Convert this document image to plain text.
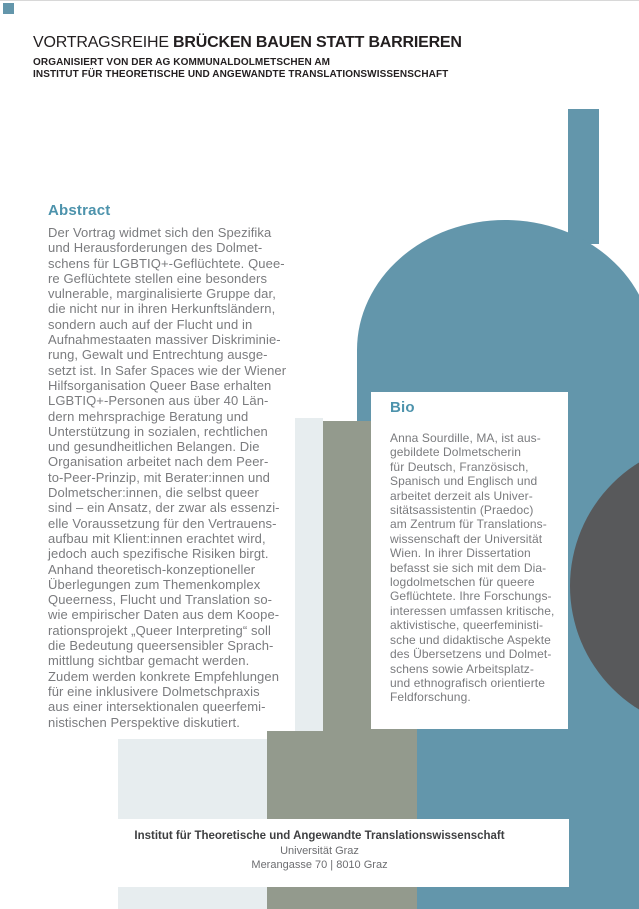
VORTRAGSREIHE BRÜCKEN BAUEN STATT BARRIEREN
ORGANISIERT VON DER AG KOMMUNALDOLMETSCHEN AM
INSTITUT FÜR THEORETISCHE UND ANGEWANDTE TRANSLATIONSWISSENSCHAFT
Abstract
Der Vortrag widmet sich den Spezifika
und Herausforderungen des Dolmet-
schens für LGBTIQ+-Geflüchtete. Quee-
re Geflüchtete stellen eine besonders
vulnerable, marginalisierte Gruppe dar,
die nicht nur in ihren Herkunftsländern,
sondern auch auf der Flucht und in
Aufnahmestaaten massiver Diskriminie-
rung, Gewalt und Entrechtung ausge-
setzt ist. In Safer Spaces wie der Wiener
Hilfsorganisation Queer Base erhalten
LGBTIQ+-Personen aus über 40 Län-
dern mehrsprachige Beratung und
Unterstützung in sozialen, rechtlichen
und gesundheitlichen Belangen. Die
Organisation arbeitet nach dem Peer-
to-Peer-Prinzip, mit Berater:innen und
Dolmetscher:innen, die selbst queer
sind – ein Ansatz, der zwar als essenzi-
elle Voraussetzung für den Vertrauens-
aufbau mit Klient:innen erachtet wird,
jedoch auch spezifische Risiken birgt.
Anhand theoretisch-konzeptioneller
Überlegungen zum Themenkomplex
Queerness, Flucht und Translation so-
wie empirischer Daten aus dem Koope-
rationsprojekt „Queer Interpreting“ soll
die Bedeutung queersensibler Sprach-
mittlung sichtbar gemacht werden.
Zudem werden konkrete Empfehlungen
für eine inklusivere Dolmetschpraxis
aus einer intersektionalen queerfemi-
nistischen Perspektive diskutiert.
Bio
Anna Sourdille, MA, ist aus-
gebildete Dolmetscherin
für Deutsch, Französisch,
Spanisch und Englisch und
arbeitet derzeit als Univer-
sitätsassistentin (Praedoc)
am Zentrum für Translations-
wissenschaft der Universität
Wien. In ihrer Dissertation
befasst sie sich mit dem Dia-
logdolmetschen für queere
Geflüchtete. Ihre Forschungs-
interessen umfassen kritische,
aktivistische, queerfeministi-
sche und didaktische Aspekte
des Übersetzens und Dolmet-
schens sowie Arbeitsplatz-
und ethnografisch orientierte
Feldforschung.
Institut für Theoretische und Angewandte Translationswissenschaft
Universität Graz
Merangasse 70 | 8010 Graz
